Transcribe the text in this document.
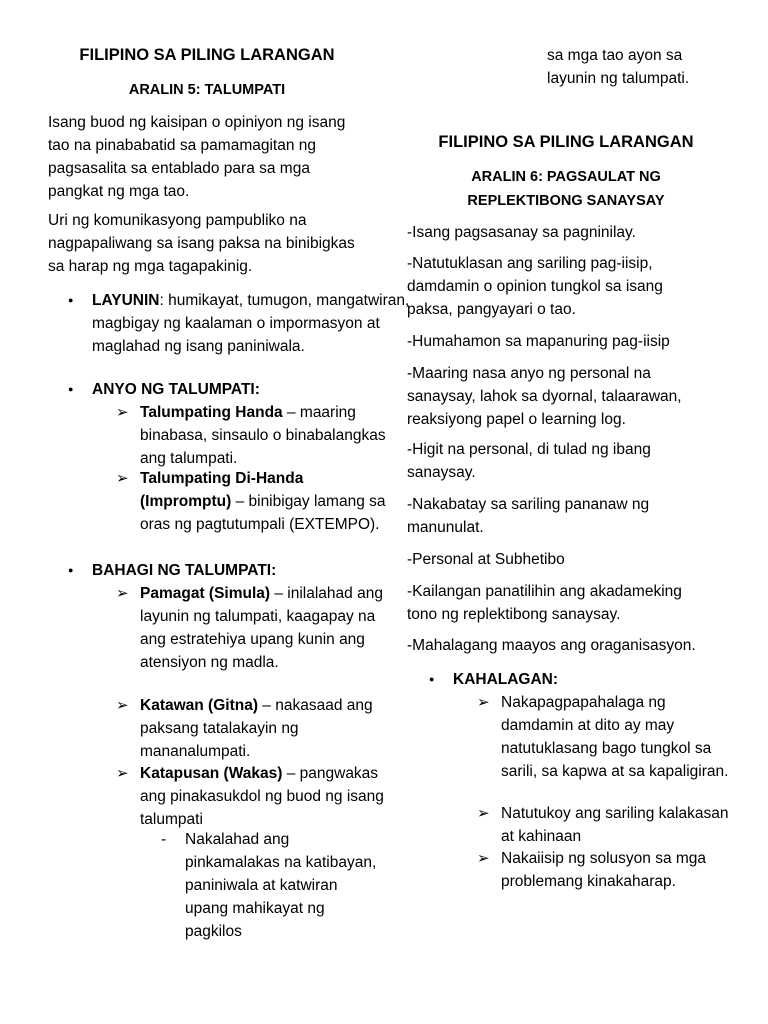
FILIPINO SA PILING LARANGAN
ARALIN 5: TALUMPATI

Isang buod ng kaisipan o opiniyon ng isang tao na pinababatid sa pamamagitan ng pagsasalita sa entablado para sa mga pangkat ng mga tao.

Uri ng komunikasyong pampubliko na nagpapaliwang sa isang paksa na binibigkas sa harap ng mga tagapakinig.

● LAYUNIN: humikayat, tumugon, mangatwiran, magbigay ng kaalaman o impormasyon at maglahad ng isang paniniwala.
● ANYO NG TALUMPATI:
➢ Talumpating Handa – maaring binabasa, sinsaulo o binabalangkas ang talumpati.
➢ Talumpating Di-Handa (Impromptu) – binibigay lamang sa oras ng pagtutumpali (EXTEMPO).
● BAHAGI NG TALUMPATI:
➢ Pamagat (Simula) – inilalahad ang layunin ng talumpati, kaagapay na ang estratehiya upang kunin ang atensiyon ng madla.
➢ Katawan (Gitna) – nakasaad ang paksang tatalakayin ng mananalumpati.
➢ Katapusan (Wakas) – pangwakas ang pinakasukdol ng buod ng isang talumpati
- Nakalahad ang pinkamalakas na katibayan, paniniwala at katwiran upang mahikayat ng pagkilos

sa mga tao ayon sa layunin ng talumpati.

FILIPINO SA PILING LARANGAN
ARALIN 6: PAGSAULAT NG REPLEKTIBONG SANAYSAY

-Isang pagsasanay sa pagninilay.

-Natutuklasan ang sariling pag-iisip, damdamin o opinion tungkol sa isang paksa, pangyayari o tao.

-Humahamon sa mapanuring pag-iisip

-Maaring nasa anyo ng personal na sanaysay, lahok sa dyornal, talaarawan, reaksiyong papel o learning log.

-Higit na personal, di tulad ng ibang sanaysay.

-Nakabatay sa sariling pananaw ng manunulat.

-Personal at Subhetibo

-Kailangan panatilihin ang akadameking tono ng replektibong sanaysay.

-Mahalagang maayos ang oraganisasyon.

● KAHALAGAN:
➢ Nakapagpapahalaga ng damdamin at dito ay may natutuklasang bago tungkol sa sarili, sa kapwa at sa kapaligiran.
➢ Natutukoy ang sariling kalakasan at kahinaan
➢ Nakaiisip ng solusyon sa mga problemang kinakaharap.
